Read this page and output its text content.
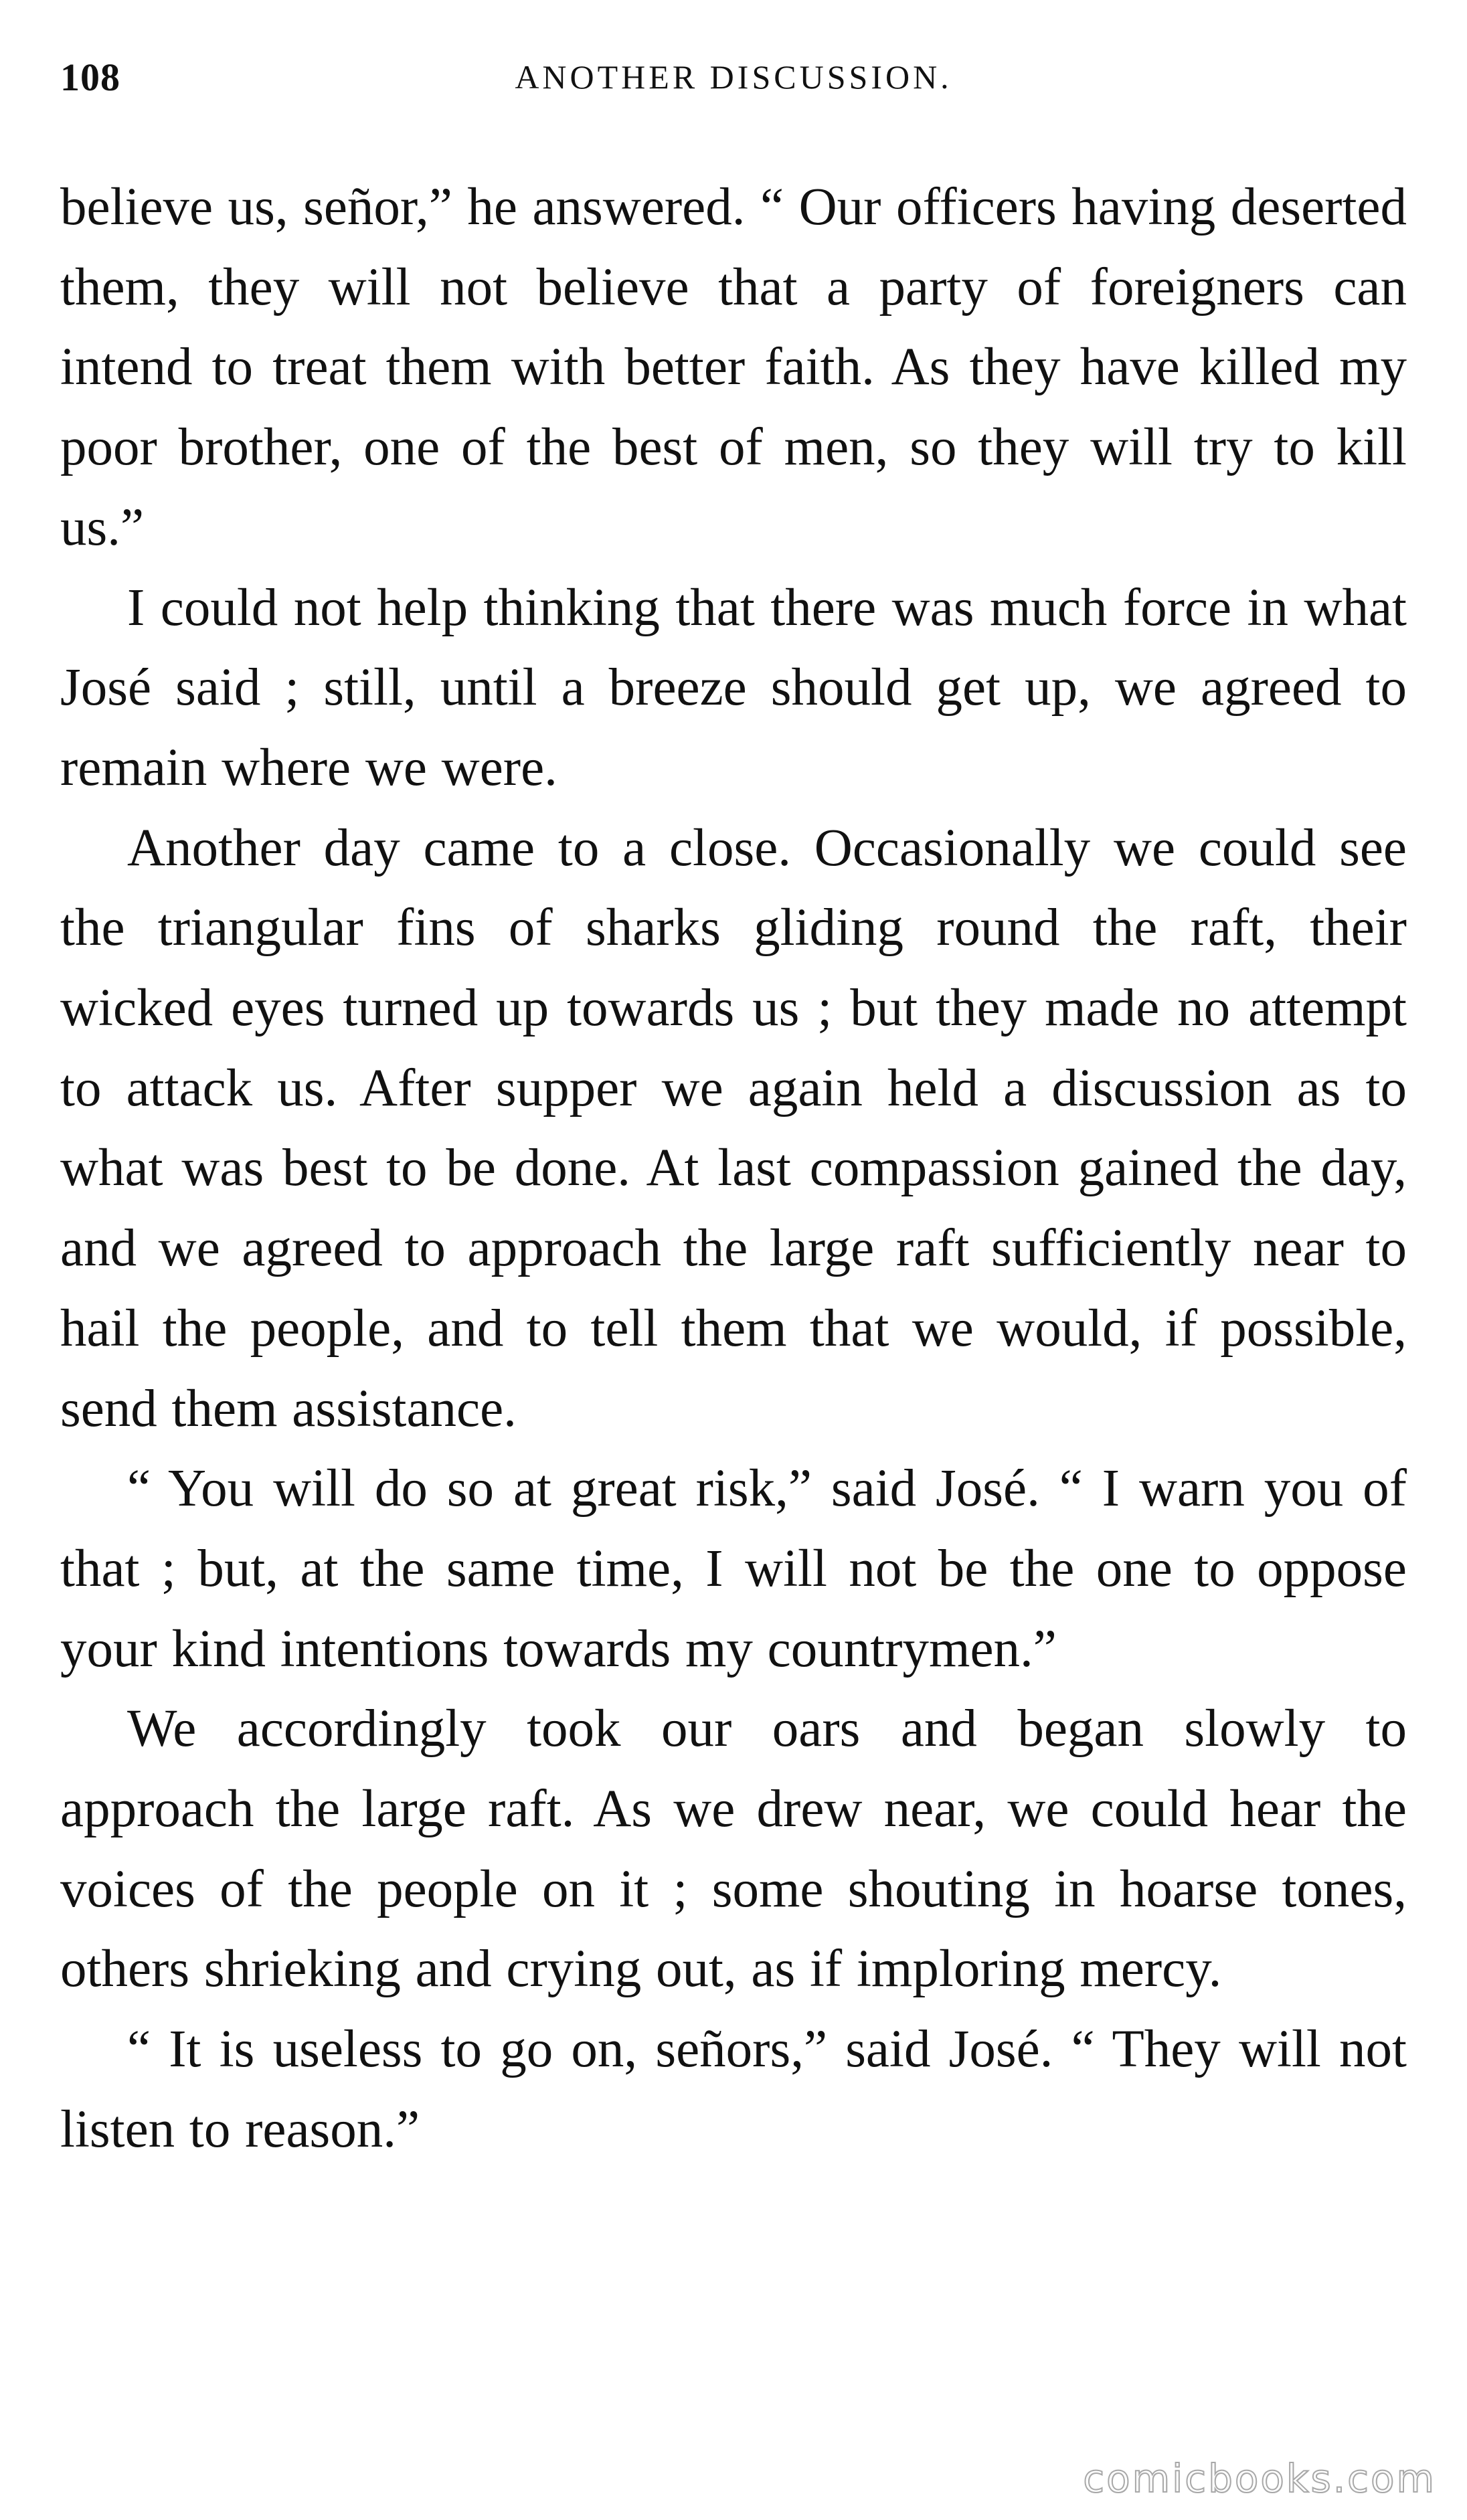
108	ANOTHER DISCUSSION.

believe us, señor,” he answered. “ Our officers having deserted them, they will not believe that a party of foreigners can intend to treat them with better faith. As they have killed my poor brother, one of the best of men, so they will try to kill us.”

I could not help thinking that there was much force in what José said ; still, until a breeze should get up, we agreed to remain where we were.

Another day came to a close. Occasionally we could see the triangular fins of sharks gliding round the raft, their wicked eyes turned up towards us ; but they made no attempt to attack us. After supper we again held a discussion as to what was best to be done. At last compassion gained the day, and we agreed to approach the large raft sufficiently near to hail the people, and to tell them that we would, if possible, send them assistance.

“ You will do so at great risk,” said José. “ I warn you of that ; but, at the same time, I will not be the one to oppose your kind intentions towards my countrymen.”

We accordingly took our oars and began slowly to approach the large raft. As we drew near, we could hear the voices of the people on it ; some shouting in hoarse tones, others shrieking and crying out, as if imploring mercy.

“ It is useless to go on, señors,” said José. “ They will not listen to reason.”

comicbooks.com
